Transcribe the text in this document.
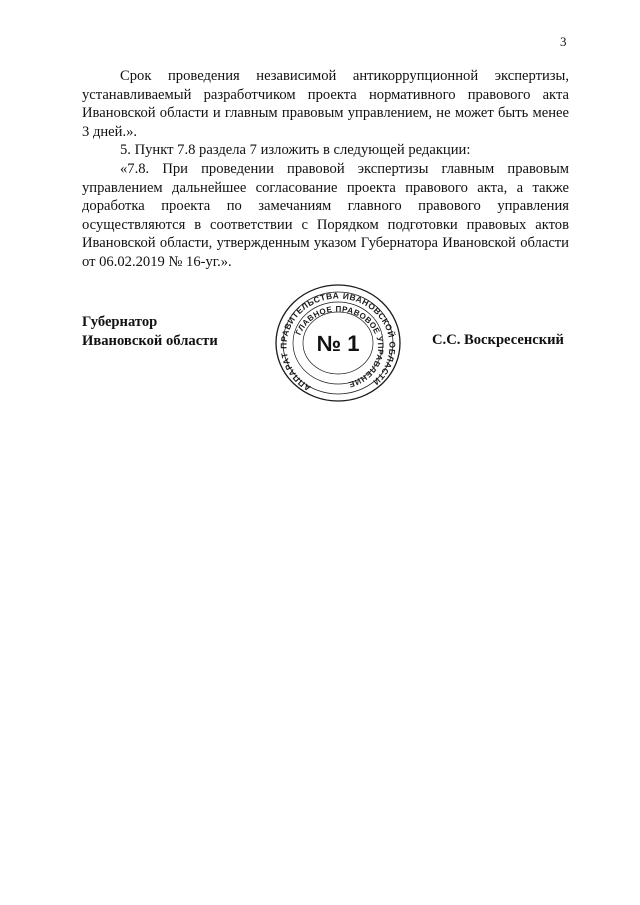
3

Срок проведения независимой антикоррупционной экспертизы, устанавливаемый разработчиком проекта нормативного правового акта Ивановской области и главным правовым управлением, не может быть менее 3 дней.».

5. Пункт 7.8 раздела 7 изложить в следующей редакции:

«7.8. При проведении правовой экспертизы главным правовым управлением дальнейшее согласование проекта правового акта, а также доработка проекта по замечаниям главного правового управления осуществляются в соответствии с Порядком подготовки правовых актов Ивановской области, утвержденным указом Губернатора Ивановской области от 06.02.2019 № 16-уг.».

Губернатор
Ивановской области
АППАРАТ ПРАВИТЕЛЬСТВА ИВАНОВСКОЙ ОБЛАСТИ
ГЛАВНОЕ ПРАВОВОЕ УПРАВЛЕНИЕ
№ 1	С.С. Воскресенский
